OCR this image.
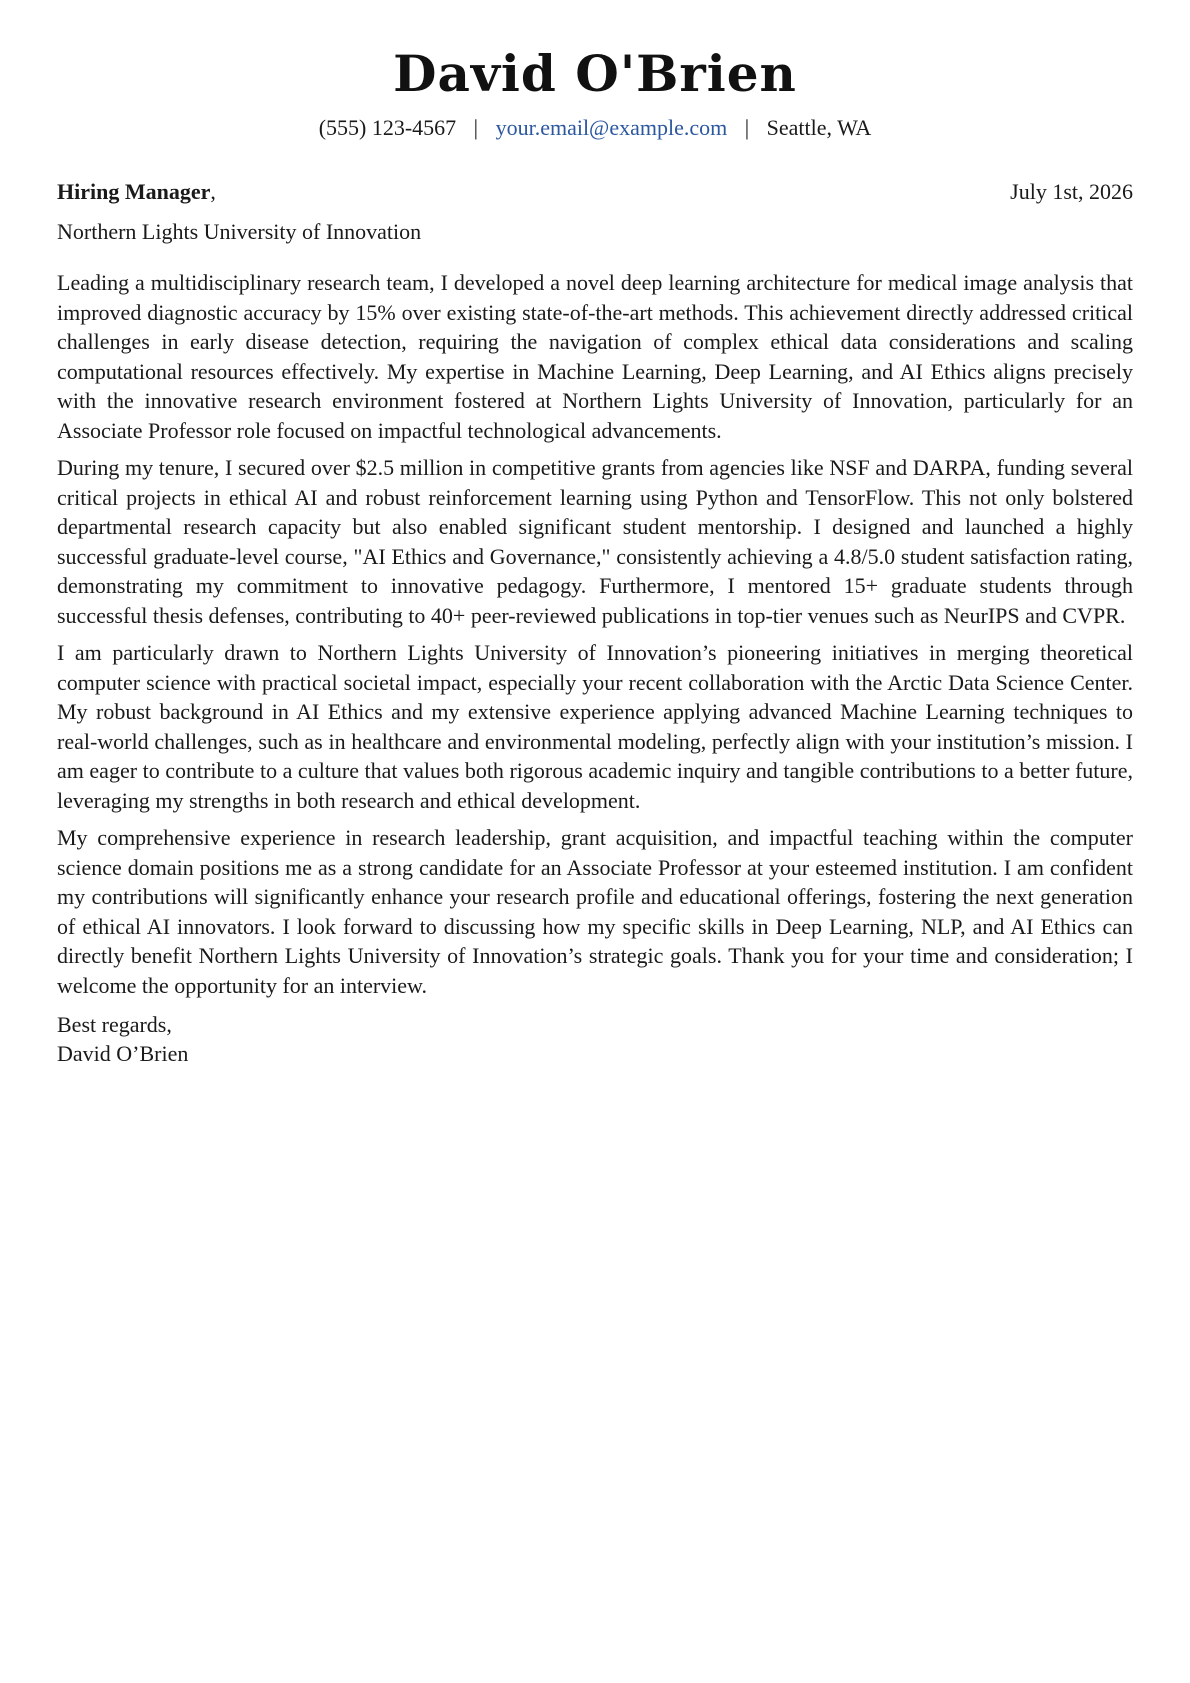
David O'Brien
(555) 123-4567 | your.email@example.com | Seattle, WA
Hiring Manager,	July 1st, 2026
Northern Lights University of Innovation

Leading a multidisciplinary research team, I developed a novel deep learning architecture for medical image analysis that improved diagnostic accuracy by 15% over existing state-of-the-art methods. This achievement directly addressed critical challenges in early disease detection, requiring the navigation of complex ethical data considerations and scaling computational resources effectively. My expertise in Machine Learning, Deep Learning, and AI Ethics aligns precisely with the innovative research environment fostered at Northern Lights University of Innovation, particularly for an Associate Professor role focused on impactful technological advancements.

During my tenure, I secured over $2.5 million in competitive grants from agencies like NSF and DARPA, funding several critical projects in ethical AI and robust reinforcement learning using Python and TensorFlow. This not only bolstered departmental research capacity but also enabled significant student mentorship. I designed and launched a highly successful graduate-level course, "AI Ethics and Governance," consistently achieving a 4.8/5.0 student satisfaction rating, demonstrating my commitment to innovative pedagogy. Furthermore, I mentored 15+ graduate students through successful thesis defenses, contributing to 40+ peer-reviewed publications in top-tier venues such as NeurIPS and CVPR.

I am particularly drawn to Northern Lights University of Innovation’s pioneering initiatives in merging theoretical computer science with practical societal impact, especially your recent collaboration with the Arctic Data Science Center. My robust background in AI Ethics and my extensive experience applying advanced Machine Learning techniques to real-world challenges, such as in healthcare and environmental modeling, perfectly align with your institution’s mission. I am eager to contribute to a culture that values both rigorous academic inquiry and tangible contributions to a better future, leveraging my strengths in both research and ethical development.

My comprehensive experience in research leadership, grant acquisition, and impactful teaching within the computer science domain positions me as a strong candidate for an Associate Professor at your esteemed institution. I am confident my contributions will significantly enhance your research profile and educational offerings, fostering the next generation of ethical AI innovators. I look forward to discussing how my specific skills in Deep Learning, NLP, and AI Ethics can directly benefit Northern Lights University of Innovation’s strategic goals. Thank you for your time and consideration; I welcome the opportunity for an interview.

Best regards,
David O’Brien
